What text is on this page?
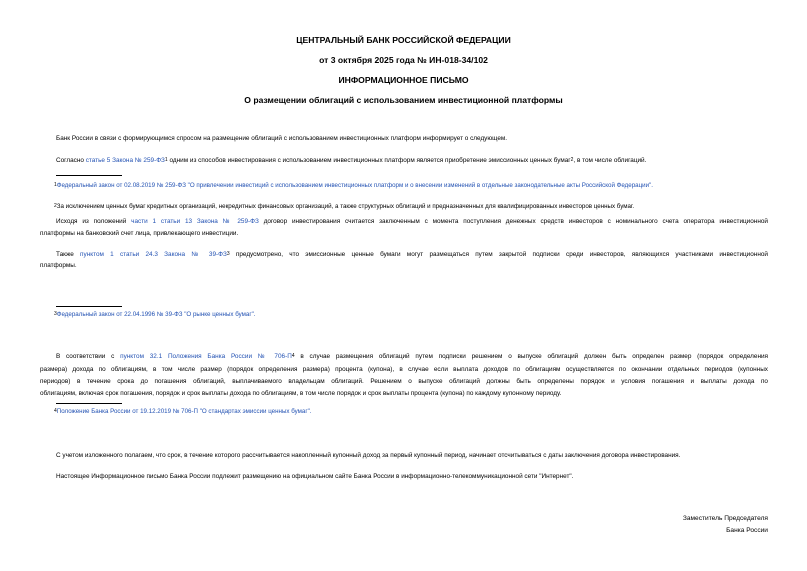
ЦЕНТРАЛЬНЫЙ БАНК РОССИЙСКОЙ ФЕДЕРАЦИИ
от 3 октября 2025 года № ИН-018-34/102
ИНФОРМАЦИОННОЕ ПИСЬМО
О размещении облигаций с использованием инвестиционной платформы
Банк России в связи с формирующимся спросом на размещение облигаций с использованием инвестиционных платформ информирует о следующем.
Согласно статье 5 Закона № $259-ФЗ^1$ одним из способов инвестирования с использованием инвестиционных платформ является приобретение эмиссионных ценных бумаг$^2$, в том числе облигаций.
$^1$Федеральный закон от 02.08.2019 № 259-ФЗ "О привлечении инвестиций с использованием инвестиционных платформ и о внесении изменений в отдельные законодательные акты Российской Федерации".
$^2$За исключением ценных бумаг кредитных организаций, некредитных финансовых организаций, а также структурных облигаций и предназначенных для квалифицированных инвесторов ценных бумаг.
Исходя из положений части 1 статьи 13 Закона № 259-ФЗ договор инвестирования считается заключенным с момента поступления денежных средств инвесторов с номинального счета оператора инвестиционной
платформы на банковский счет лица, привлекающего инвестиции.
Также пунктом 1 статьи 24.3 Закона № $39-ФЗ^3$ предусмотрено, что эмиссионные ценные бумаги могут размещаться путем закрытой подписки среди инвесторов, являющихся участниками инвестиционной
платформы.
$^3$Федеральный закон от 22.04.1996 № 39-ФЗ "О рынке ценных бумаг".
В соответствии с пунктом 32.1 Положения Банка России № $706-П^4$ в случае размещения облигаций путем подписки решением о выпуске облигаций должен быть определен размер (порядок определения
размера) дохода по облигациям, в том числе размер (порядок определения размера) процента (купона), в случае если выплата доходов по облигациям осуществляется по окончании отдельных периодов (купонных
периодов) в течение срока до погашения облигаций, выплачиваемого владельцам облигаций. Решением о выпуске облигаций должны быть определены порядок и условия погашения и выплаты дохода по
облигациям, включая срок погашения, порядок и срок выплаты дохода по облигациям, в том числе порядок и срок выплаты процента (купона) по каждому купонному периоду.
$^4$Положение Банка России от 19.12.2019 № 706-П "О стандартах эмиссии ценных бумаг".
С учетом изложенного полагаем, что срок, в течение которого рассчитывается накопленный купонный доход за первый купонный период, начинает отсчитываться с даты заключения договора инвестирования.
Настоящее Информационное письмо Банка России подлежит размещению на официальном сайте Банка России в информационно-телекоммуникационной сети "Интернет".
Заместитель Председателя
Банка России
